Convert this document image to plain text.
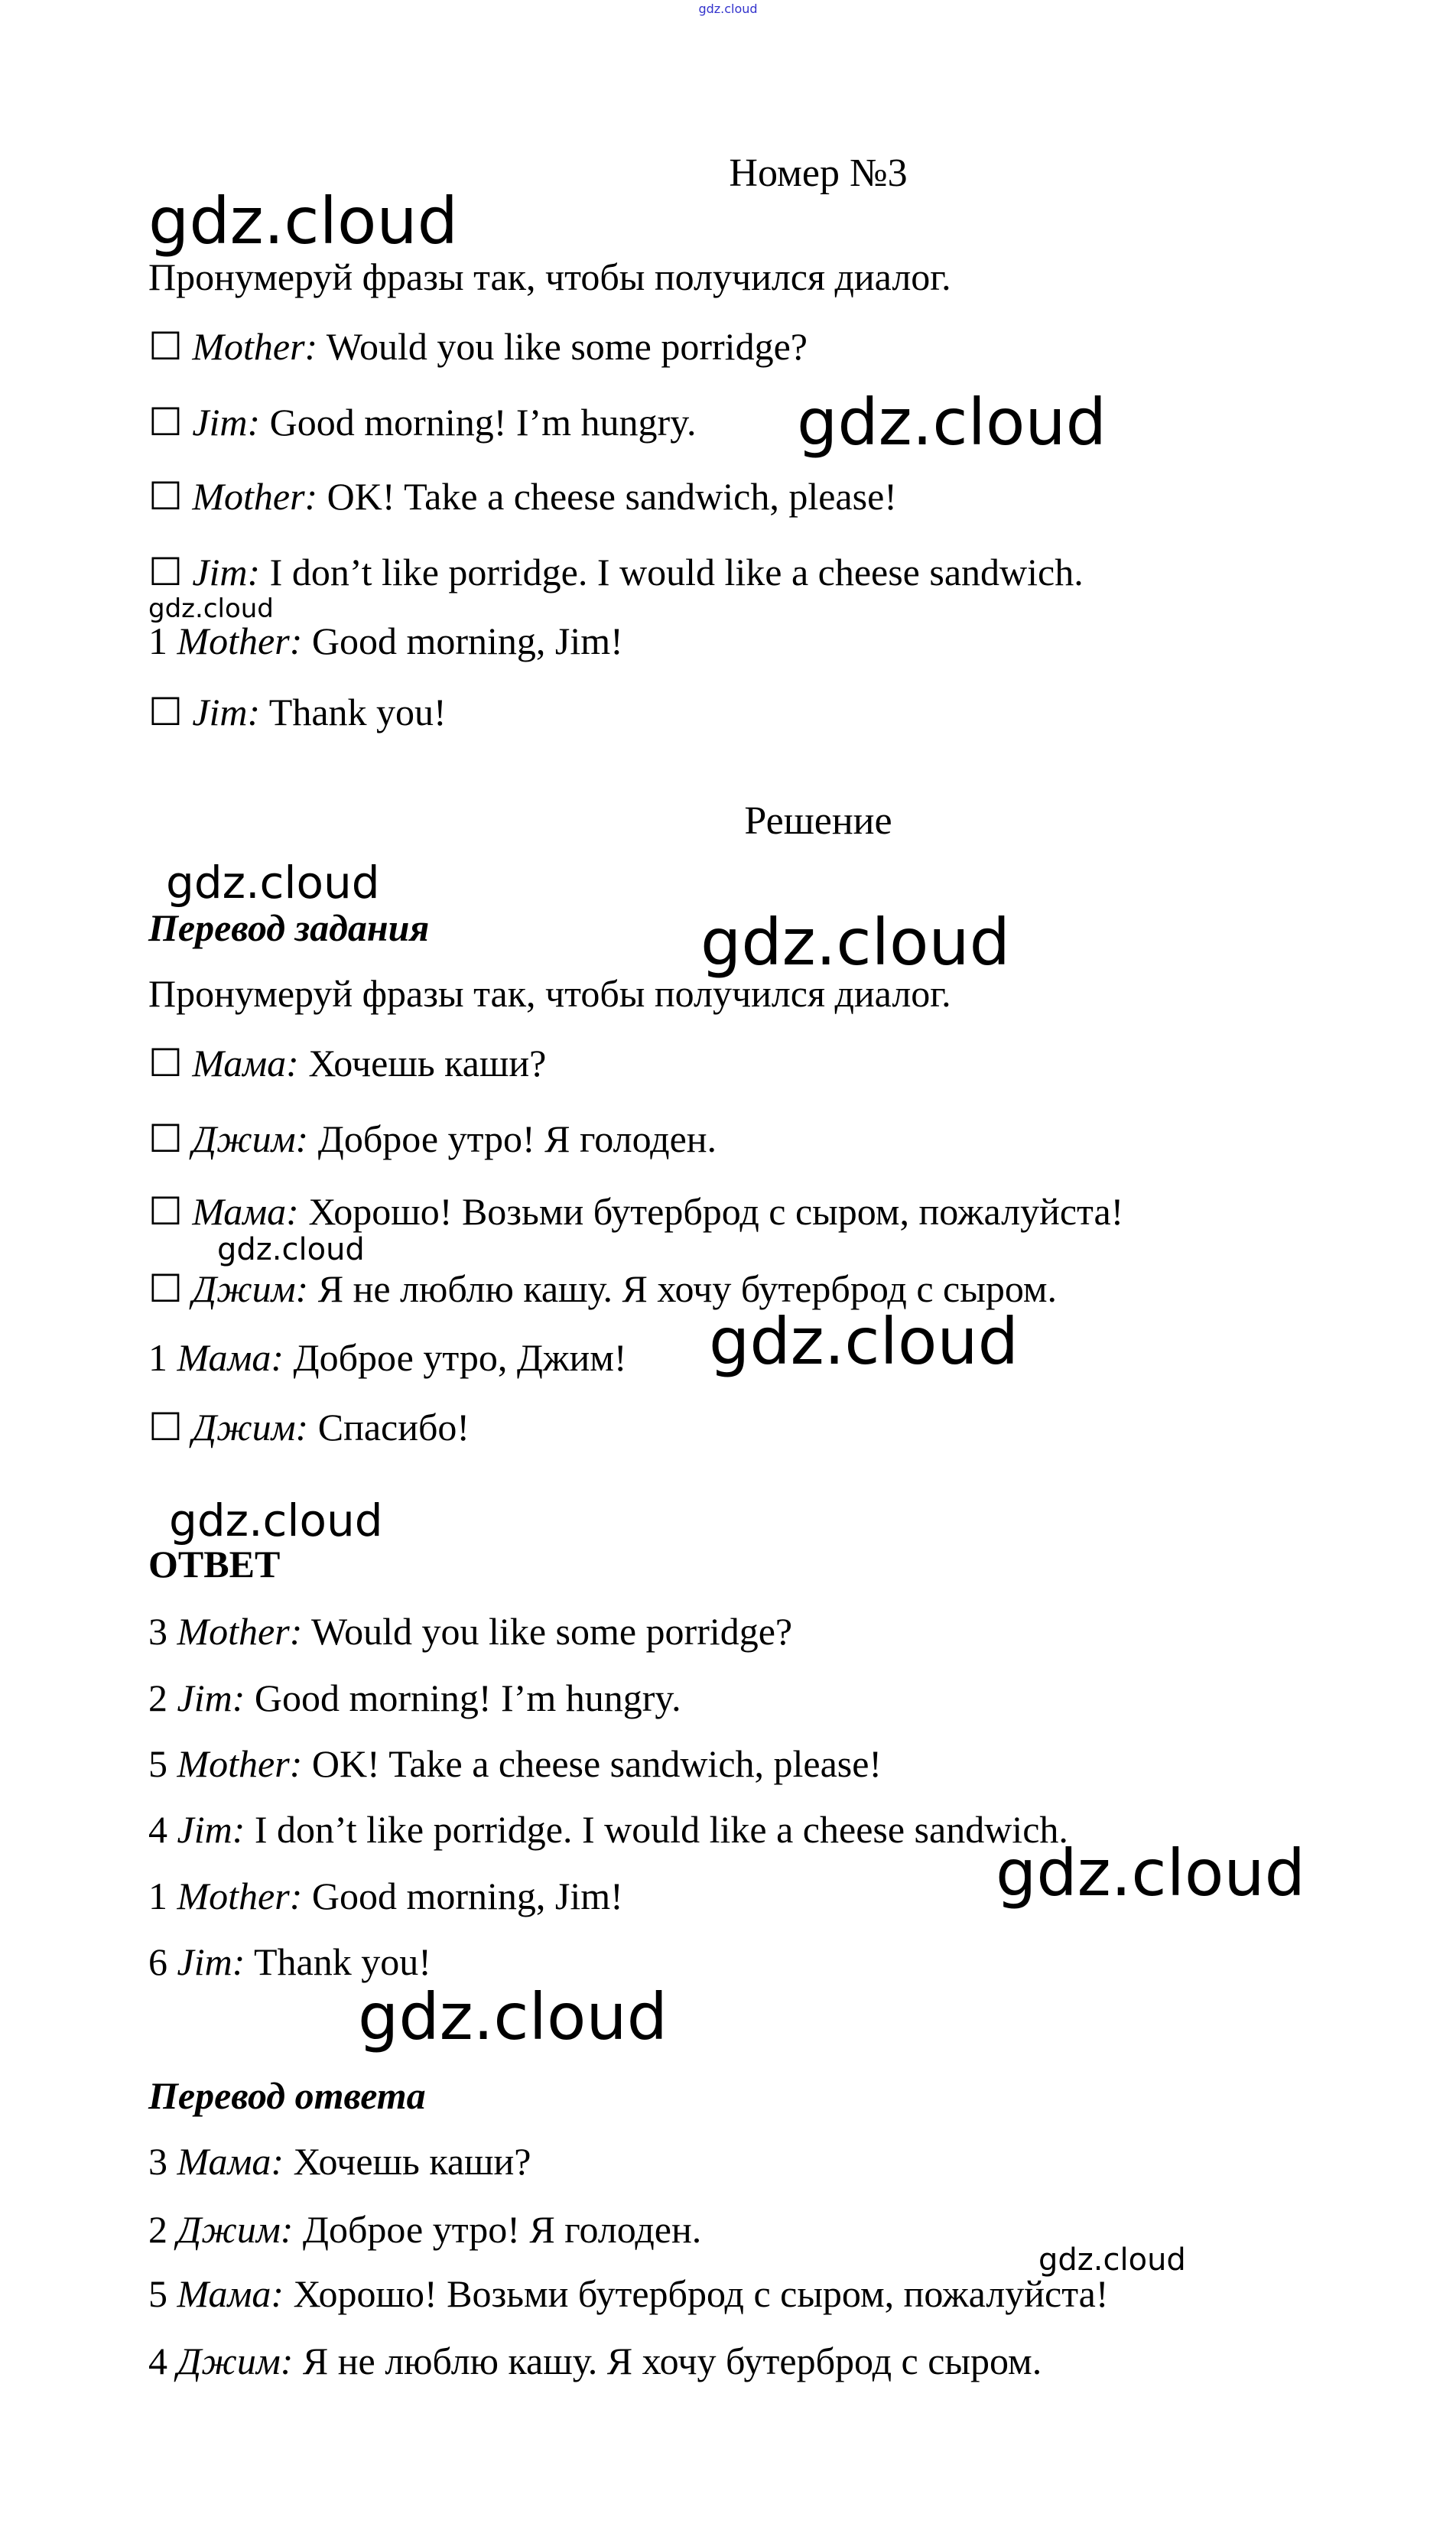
gdz.cloud
Номер №3
Пронумеруй фразы так, чтобы получился диалог.
☐ Mother: Would you like some porridge?
☐ Jim: Good morning! I’m hungry.
☐ Mother: OK! Take a cheese sandwich, please!
☐ Jim: I don’t like porridge. I would like a cheese sandwich.
1 Mother: Good morning, Jim!
☐ Jim: Thank you!
Решение
Перевод задания
Пронумеруй фразы так, чтобы получился диалог.
☐ Мама: Хочешь каши?
☐ Джим: Доброе утро! Я голоден.
☐ Мама: Хорошо! Возьми бутерброд с сыром, пожалуйста!
☐ Джим: Я не люблю кашу. Я хочу бутерброд с сыром.
1 Мама: Доброе утро, Джим!
☐ Джим: Спасибо!
ОТВЕТ
3 Mother: Would you like some porridge?
2 Jim: Good morning! I’m hungry.
5 Mother: OK! Take a cheese sandwich, please!
4 Jim: I don’t like porridge. I would like a cheese sandwich.
1 Mother: Good morning, Jim!
6 Jim: Thank you!
Перевод ответа
3 Мама: Хочешь каши?
2 Джим: Доброе утро! Я голоден.
5 Мама: Хорошо! Возьми бутерброд с сыром, пожалуйста!
4 Джим: Я не люблю кашу. Я хочу бутерброд с сыром.
gdz.cloud
gdz.cloud
gdz.cloud
gdz.cloud
gdz.cloud
gdz.cloud
gdz.cloud
gdz.cloud
gdz.cloud
gdz.cloud
gdz.cloud
